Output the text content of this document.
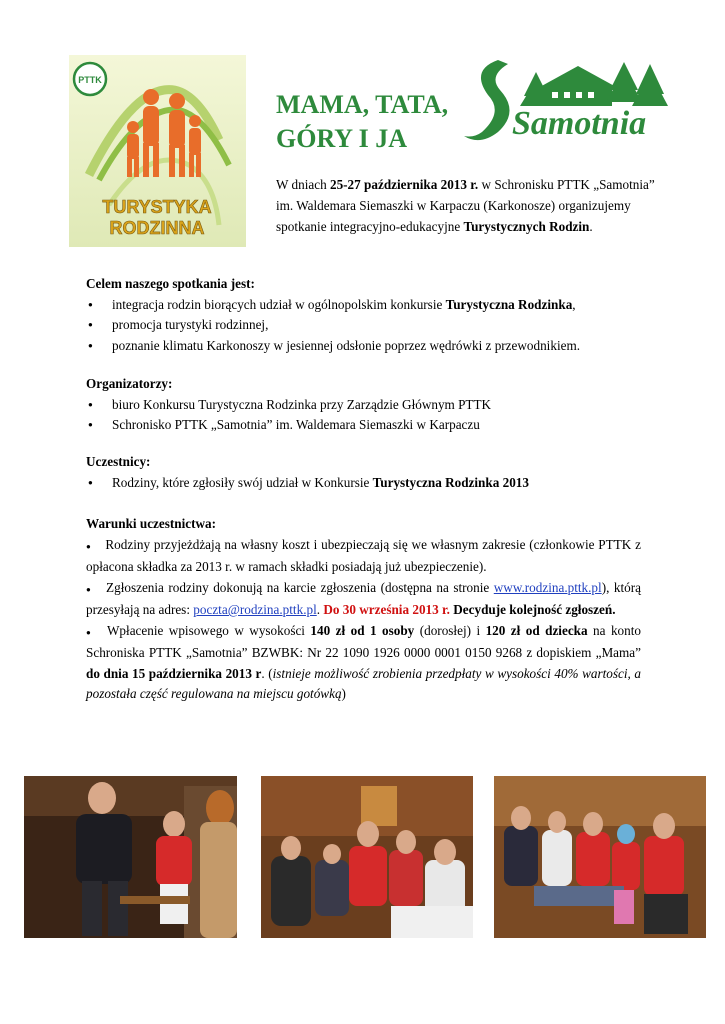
PTTK
TURYSTYKA
RODZINNA
MAMA, TATA,
GÓRY I JA	Samotnia

W dniach 25-27 października 2013 r. w Schronisku PTTK „Samotnia” im. Waldemara Siemaszki w Karpaczu (Karkonosze) organizujemy spotkanie integracyjno-edukacyjne Turystycznych Rodzin.

Celem naszego spotkania jest:
● integracja rodzin biorących udział w ogólnopolskim konkursie Turystyczna Rodzinka,
● promocja turystyki rodzinnej,
● poznanie klimatu Karkonoszy w jesiennej odsłonie poprzez wędrówki z przewodnikiem.
Organizatorzy:
● biuro Konkursu Turystyczna Rodzinka przy Zarządzie Głównym PTTK
● Schronisko PTTK „Samotnia” im. Waldemara Siemaszki w Karpaczu
Uczestnicy:
● Rodziny, które zgłosiły swój udział w Konkursie Turystyczna Rodzinka 2013
Warunki uczestnictwa:
● Rodziny przyjeżdżają na własny koszt i ubezpieczają się we własnym zakresie (członkowie PTTK z opłacona składka za 2013 r. w ramach składki posiadają już ubezpieczenie).
● Zgłoszenia rodziny dokonują na karcie zgłoszenia (dostępna na stronie www.rodzina.pttk.pl), którą przesyłają na adres: poczta@rodzina.pttk.pl. Do 30 września 2013 r. Decyduje kolejność zgłoszeń.
● Wpłacenie wpisowego w wysokości 140 zł od 1 osoby (dorosłej) i 120 zł od dziecka na konto Schroniska PTTK „Samotnia” BZWBK: Nr 22 1090 1926 0000 0001 0150 9268 z dopiskiem „Mama” do dnia 15 października 2013 r. (istnieje możliwość zrobienia przedpłaty w wysokości 40% wartości, a pozostała część regulowana na miejscu gotówką)
